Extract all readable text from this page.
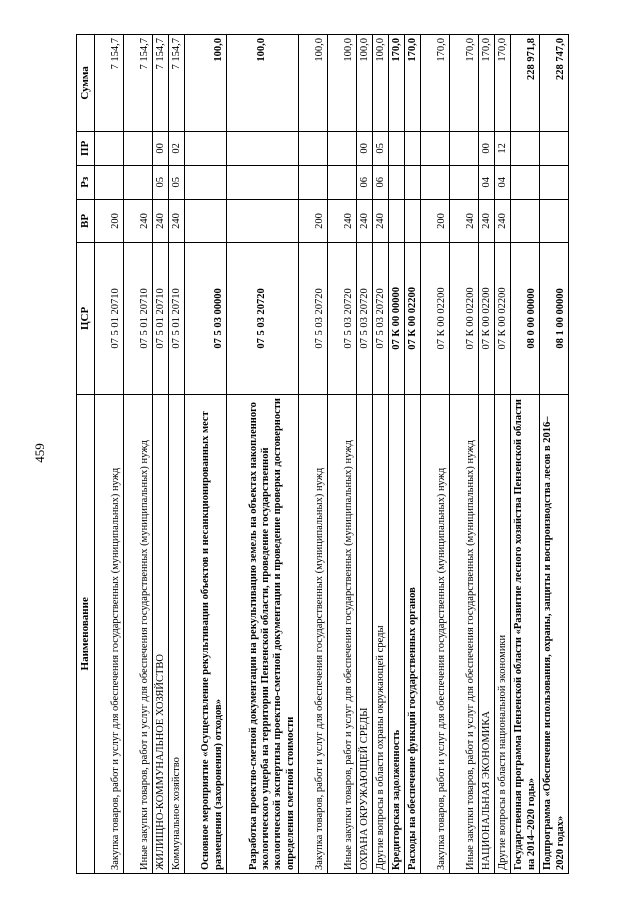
459
Наименование	ЦСР	ВР	Рз	ПР	Сумма
Закупка товаров, работ и услуг для обеспечения государственных (муниципальных) нужд	07 5 01 20710	200			7 154,7
Иные закупки товаров, работ и услуг для обеспечения государственных (муниципальных) нужд	07 5 01 20710	240			7 154,7
ЖИЛИЩНО-КОММУНАЛЬНОЕ ХОЗЯЙСТВО	07 5 01 20710	240	05	00	7 154,7
Коммунальное хозяйство	07 5 01 20710	240	05	02	7 154,7
Основное мероприятие «Осуществление рекультивации объектов и несанкционированных мест размещения (захоронения) отходов»	07 5 03 00000				100,0
Разработка проектно-сметной документации на рекультивацию земель на объектах накопленного экологического ущерба на территории Пензенской области, проведение государственной экологической экспертизы проектно-сметной документации и проведение проверки достоверности определения сметной стоимости	07 5 03 20720				100,0
Закупка товаров, работ и услуг для обеспечения государственных (муниципальных) нужд	07 5 03 20720	200			100,0
Иные закупки товаров, работ и услуг для обеспечения государственных (муниципальных) нужд	07 5 03 20720	240			100,0
ОХРАНА ОКРУЖАЮЩЕЙ СРЕДЫ	07 5 03 20720	240	06	00	100,0
Другие вопросы в области охраны окружающей среды	07 5 03 20720	240	06	05	100,0
Кредиторская задолженность	07 К 00 00000				170,0
Расходы на обеспечение функций государственных органов	07 К 00 02200				170,0
Закупка товаров, работ и услуг для обеспечения государственных (муниципальных) нужд	07 К 00 02200	200			170,0
Иные закупки товаров, работ и услуг для обеспечения государственных (муниципальных) нужд	07 К 00 02200	240			170,0
НАЦИОНАЛЬНАЯ ЭКОНОМИКА	07 К 00 02200	240	04	00	170,0
Другие вопросы в области национальной экономики	07 К 00 02200	240	04	12	170,0
Государственная программа Пензенской области «Развитие лесного хозяйства Пензенской области на 2014–2020 годы»	08 0 00 00000				228 971,8
Подпрограмма «Обеспечение использования, охраны, защиты и воспроизводства лесов в 2016–2020 годах»	08 1 00 00000				228 747,0
